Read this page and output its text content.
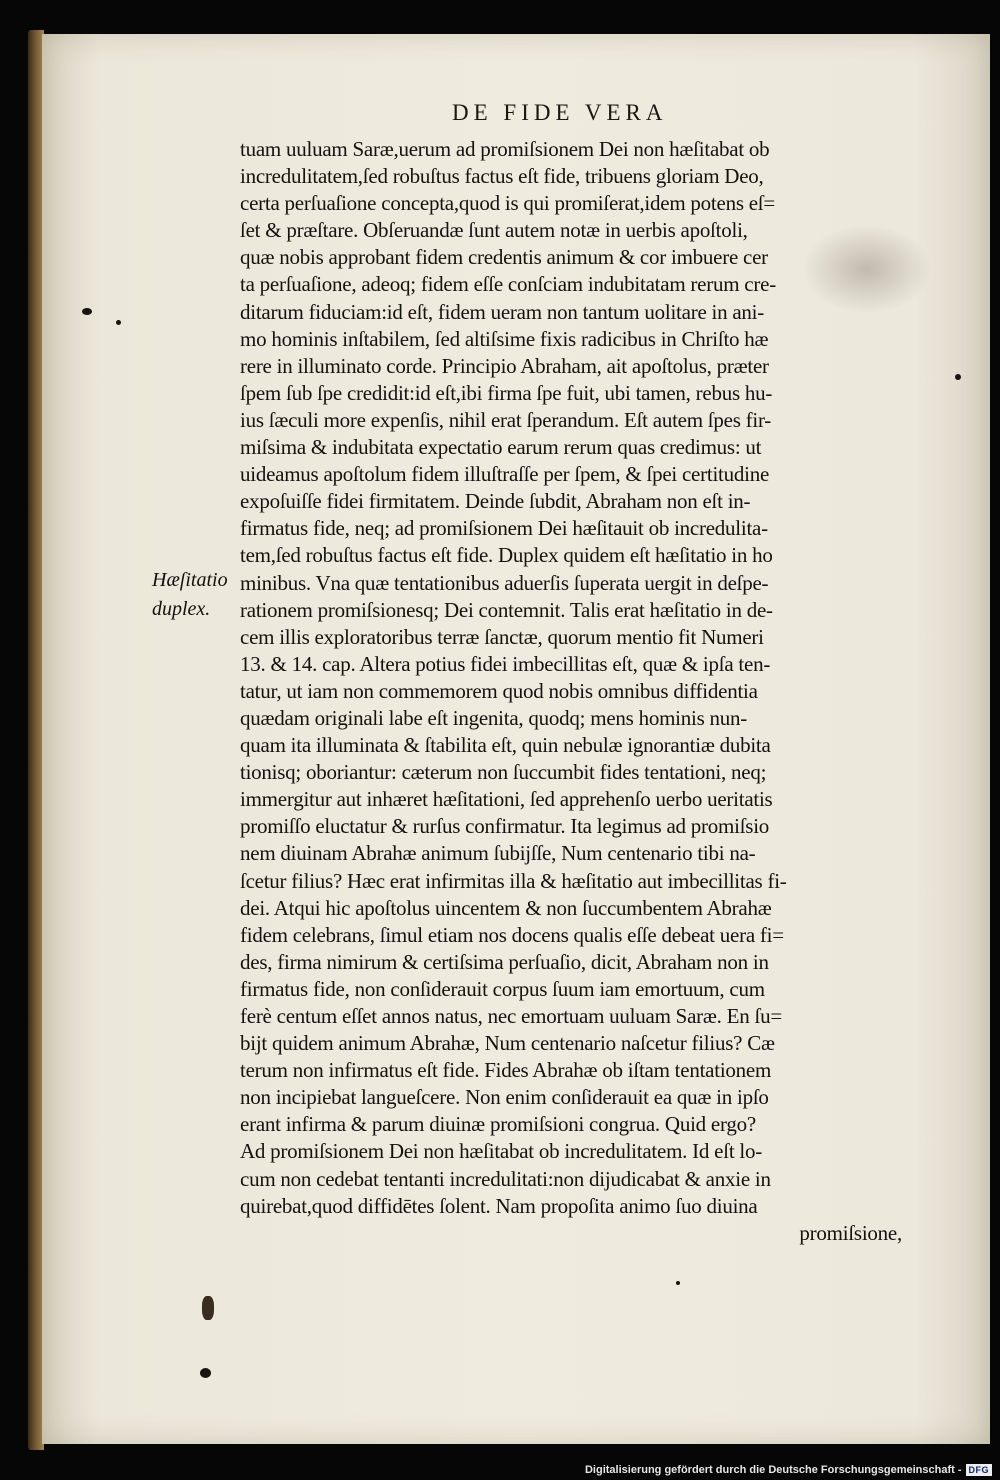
DE FIDE VERA
Hæſitatio
duplex.
tuam uuluam Saræ,uerum ad promiſsionem Dei non hæſitabat ob
incredulitatem,ſed robuſtus factus eſt fide, tribuens gloriam Deo,
certa perſuaſione concepta,quod is qui promiſerat,idem potens eſ=
ſet & præſtare. Obſeruandæ ſunt autem notæ in uerbis apoſtoli,
quæ nobis approbant fidem credentis animum & cor imbuere cer
ta perſuaſione, adeoq; fidem eſſe conſciam indubitatam rerum cre-
ditarum fiduciam:id eſt, fidem ueram non tantum uolitare in ani-
mo hominis inſtabilem, ſed altiſsime fixis radicibus in Chriſto hæ
rere in illuminato corde. Principio Abraham, ait apoſtolus, præter
ſpem ſub ſpe credidit:id eſt,ibi firma ſpe fuit, ubi tamen, rebus hu-
ius ſæculi more expenſis, nihil erat ſperandum. Eſt autem ſpes fir-
miſsima & indubitata expectatio earum rerum quas credimus: ut
uideamus apoſtolum fidem illuſtraſſe per ſpem, & ſpei certitudine
expoſuiſſe fidei firmitatem. Deinde ſubdit, Abraham non eſt in-
firmatus fide, neq; ad promiſsionem Dei hæſitauit ob incredulita-
tem,ſed robuſtus factus eſt fide. Duplex quidem eſt hæſitatio in ho
minibus. Vna quæ tentationibus aduerſis ſuperata uergit in deſpe-
rationem promiſsionesq; Dei contemnit. Talis erat hæſitatio in de-
cem illis exploratoribus terræ ſanctæ, quorum mentio fit Numeri
13. & 14. cap. Altera potius fidei imbecillitas eſt, quæ & ipſa ten-
tatur, ut iam non commemorem quod nobis omnibus diffidentia
quædam originali labe eſt ingenita, quodq; mens hominis nun-
quam ita illuminata & ſtabilita eſt, quin nebulæ ignorantiæ dubita
tionisq; oboriantur: cæterum non ſuccumbit fides tentationi, neq;
immergitur aut inhæret hæſitationi, ſed apprehenſo uerbo ueritatis
promiſſo eluctatur & rurſus confirmatur. Ita legimus ad promiſsio
nem diuinam Abrahæ animum ſubijſſe, Num centenario tibi na-
ſcetur filius? Hæc erat infirmitas illa & hæſitatio aut imbecillitas fi-
dei. Atqui hic apoſtolus uincentem & non ſuccumbentem Abrahæ
fidem celebrans, ſimul etiam nos docens qualis eſſe debeat uera fi=
des, firma nimirum & certiſsima perſuaſio, dicit, Abraham non in
firmatus fide, non conſiderauit corpus ſuum iam emortuum, cum
ferè centum eſſet annos natus, nec emortuam uuluam Saræ. En ſu=
bijt quidem animum Abrahæ, Num centenario naſcetur filius? Cæ
terum non infirmatus eſt fide. Fides Abrahæ ob iſtam tentationem
non incipiebat langueſcere. Non enim conſiderauit ea quæ in ipſo
erant infirma & parum diuinæ promiſsioni congrua. Quid ergo?
Ad promiſsionem Dei non hæſitabat ob incredulitatem. Id eſt lo-
cum non cedebat tentanti incredulitati:non dijudicabat & anxie in
quirebat,quod diffidētes ſolent. Nam propoſita animo ſuo diuina
promiſsione,
Digitalisierung gefördert durch die Deutsche Forschungsgemeinschaft - DFG
